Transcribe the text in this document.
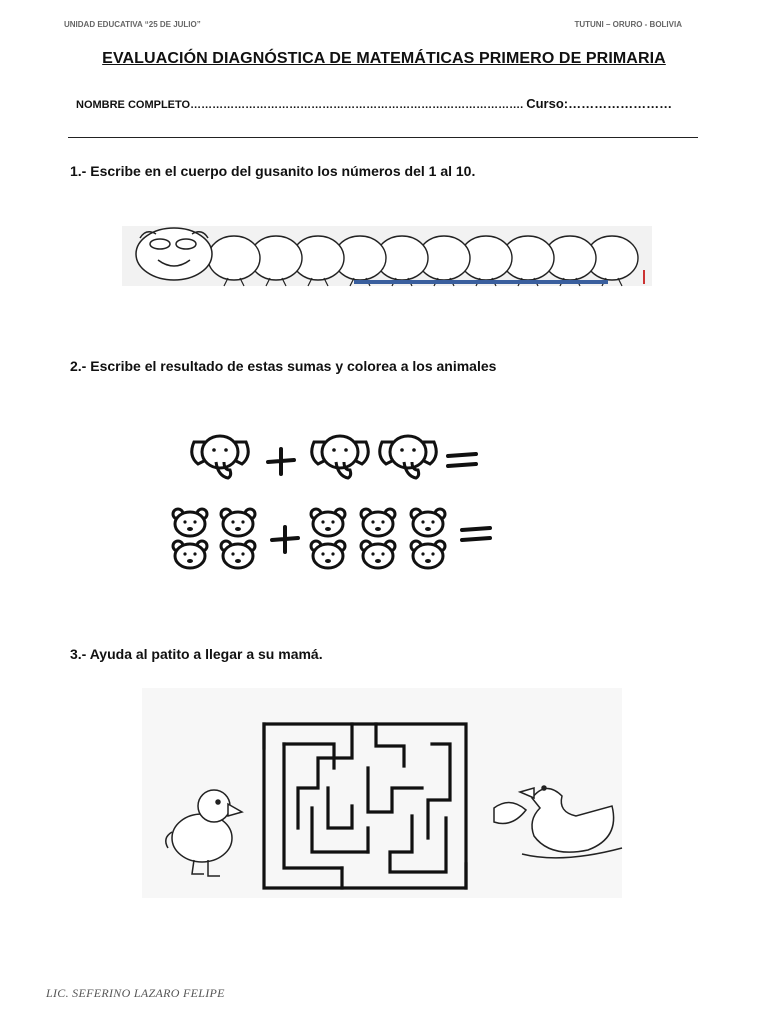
UNIDAD EDUCATIVA “25 DE JULIO”	TUTUNI – ORURO - BOLIVIA
EVALUACIÓN DIAGNÓSTICA DE MATEMÁTICAS PRIMERO DE PRIMARIA
NOMBRE COMPLETO………………………………………………………………………………. Curso:……………………
1.- Escribe en el cuerpo del gusanito los números del 1 al 10.
2.- Escribe el resultado de estas sumas y colorea a los animales
3.- Ayuda al patito a llegar a su mamá.
LIC. SEFERINO LAZARO FELIPE
